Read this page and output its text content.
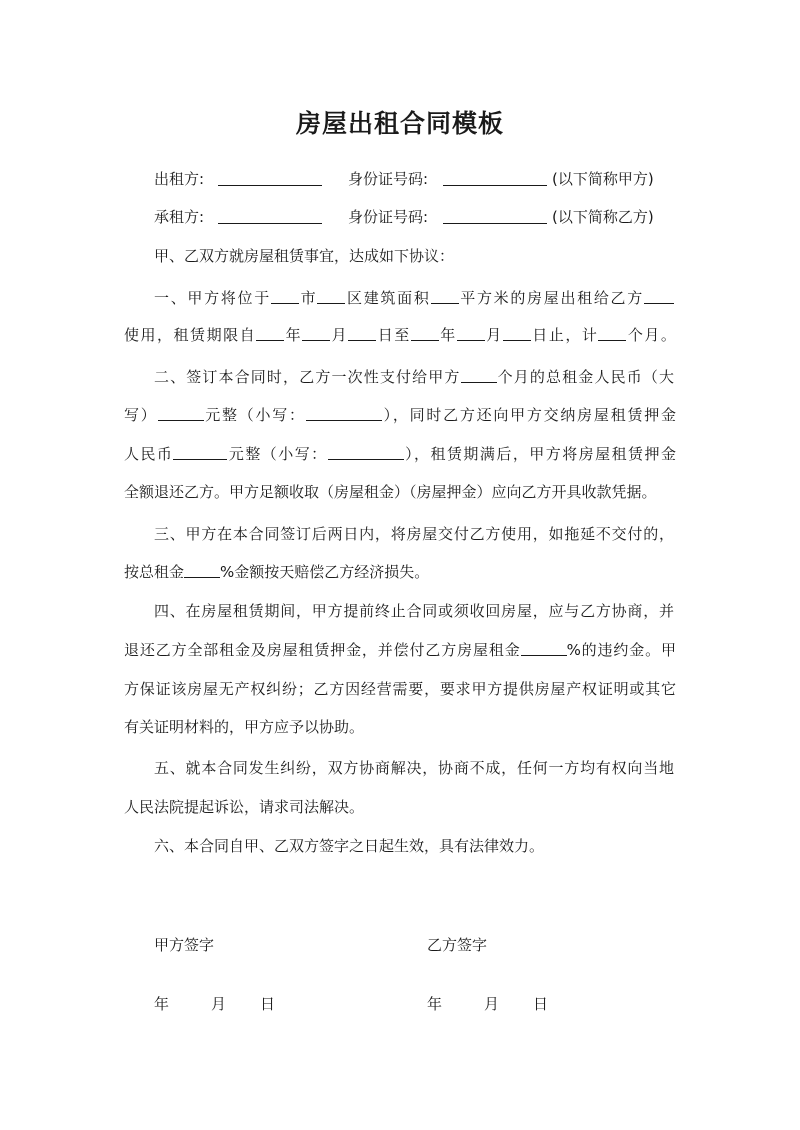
房屋出租合同模板
出租方:	身份证号码:	(以下简称甲方)
承租方:	身份证号码:	(以下简称乙方)
甲、乙双方就房屋租赁事宜，达成如下协议：
一、甲方将位于 市 区建筑面积 平方米的房屋出租给乙方
使用，租赁期限自 年 月 日至 年 月 日止，计 个月。
二、签订本合同时，乙方一次性支付给甲方 个月的总租金人民币（大
写）	元整（小写：	），同时乙方还向甲方交纳房屋租赁押金
人民币	元整（小写：	），租赁期满后，甲方将房屋租赁押金
全额退还乙方。甲方足额收取（房屋租金）（房屋押金）应向乙方开具收款凭据。
三、甲方在本合同签订后两日内，将房屋交付乙方使用，如拖延不交付的，
按总租金 %金额按天赔偿乙方经济损失。
四、在房屋租赁期间，甲方提前终止合同或须收回房屋，应与乙方协商，并
退还乙方全部租金及房屋租赁押金，并偿付乙方房屋租金	%的违约金。甲
方保证该房屋无产权纠纷；乙方因经营需要，要求甲方提供房屋产权证明或其它
有关证明材料的，甲方应予以协助。
五、就本合同发生纠纷，双方协商解决，协商不成，任何一方均有权向当地
人民法院提起诉讼，请求司法解决。
六、本合同自甲、乙双方签字之日起生效，具有法律效力。
甲方签字	乙方签字
年	月 日	年	月 日
